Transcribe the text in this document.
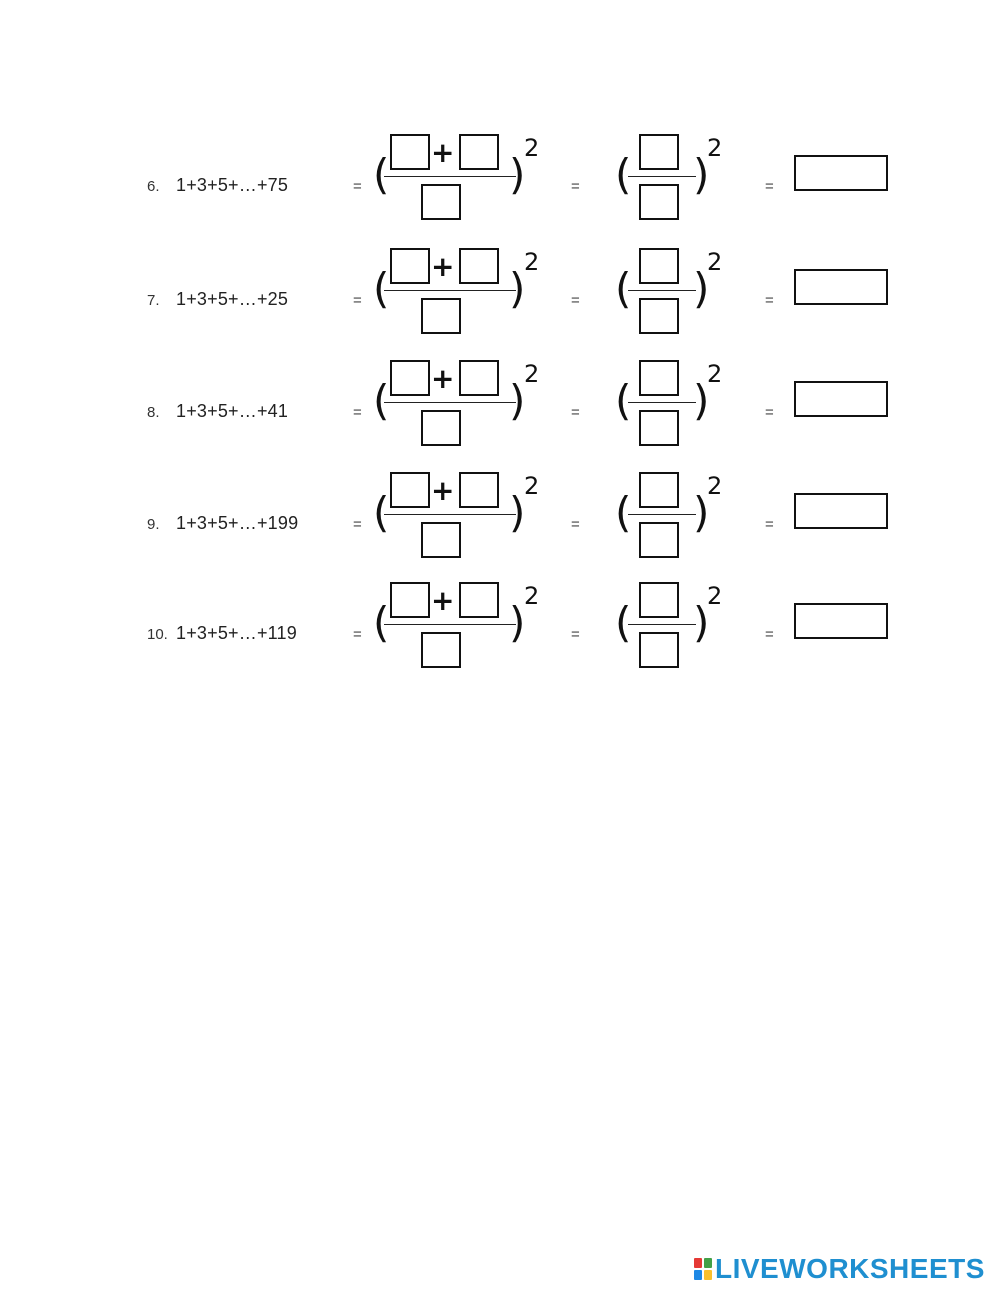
6. 1+3+5+…+75	= ( + )
2
= ( )
2
=
7. 1+3+5+…+25	= ( + )
2
= ( )
2
=
8. 1+3+5+…+41	= ( + )
2
= ( )
2
=
9. 1+3+5+…+199	= ( + )
2
= ( )
2
=
10. 1+3+5+…+119	= ( + )
2
= ( )
2
=
LIVEWORKSHEETS
